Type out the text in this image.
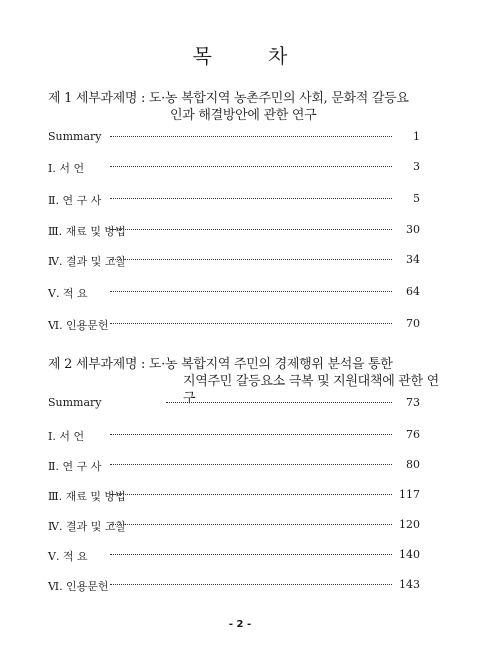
목	차
제 1 세부과제명 : 도·농 복합지역 농촌주민의 사회, 문화적 갈등요
인과 해결방안에 관한 연구
Summary	1
Ⅰ. 서 언	3
Ⅱ. 연 구 사	5
Ⅲ. 재료 및 방법	30
Ⅳ. 결과 및 고찰	34
Ⅴ. 적 요	64
Ⅵ. 인용문헌	70
제 2 세부과제명 : 도·농 복합지역 주민의 경제행위 분석을 통한
지역주민 갈등요소 극복 및 지원대책에 관한 연구
Summary	73
Ⅰ. 서 언	76
Ⅱ. 연 구 사	80
Ⅲ. 재료 및 방법	117
Ⅳ. 결과 및 고찰	120
Ⅴ. 적 요	140
Ⅵ. 인용문헌	143
- 2 -
